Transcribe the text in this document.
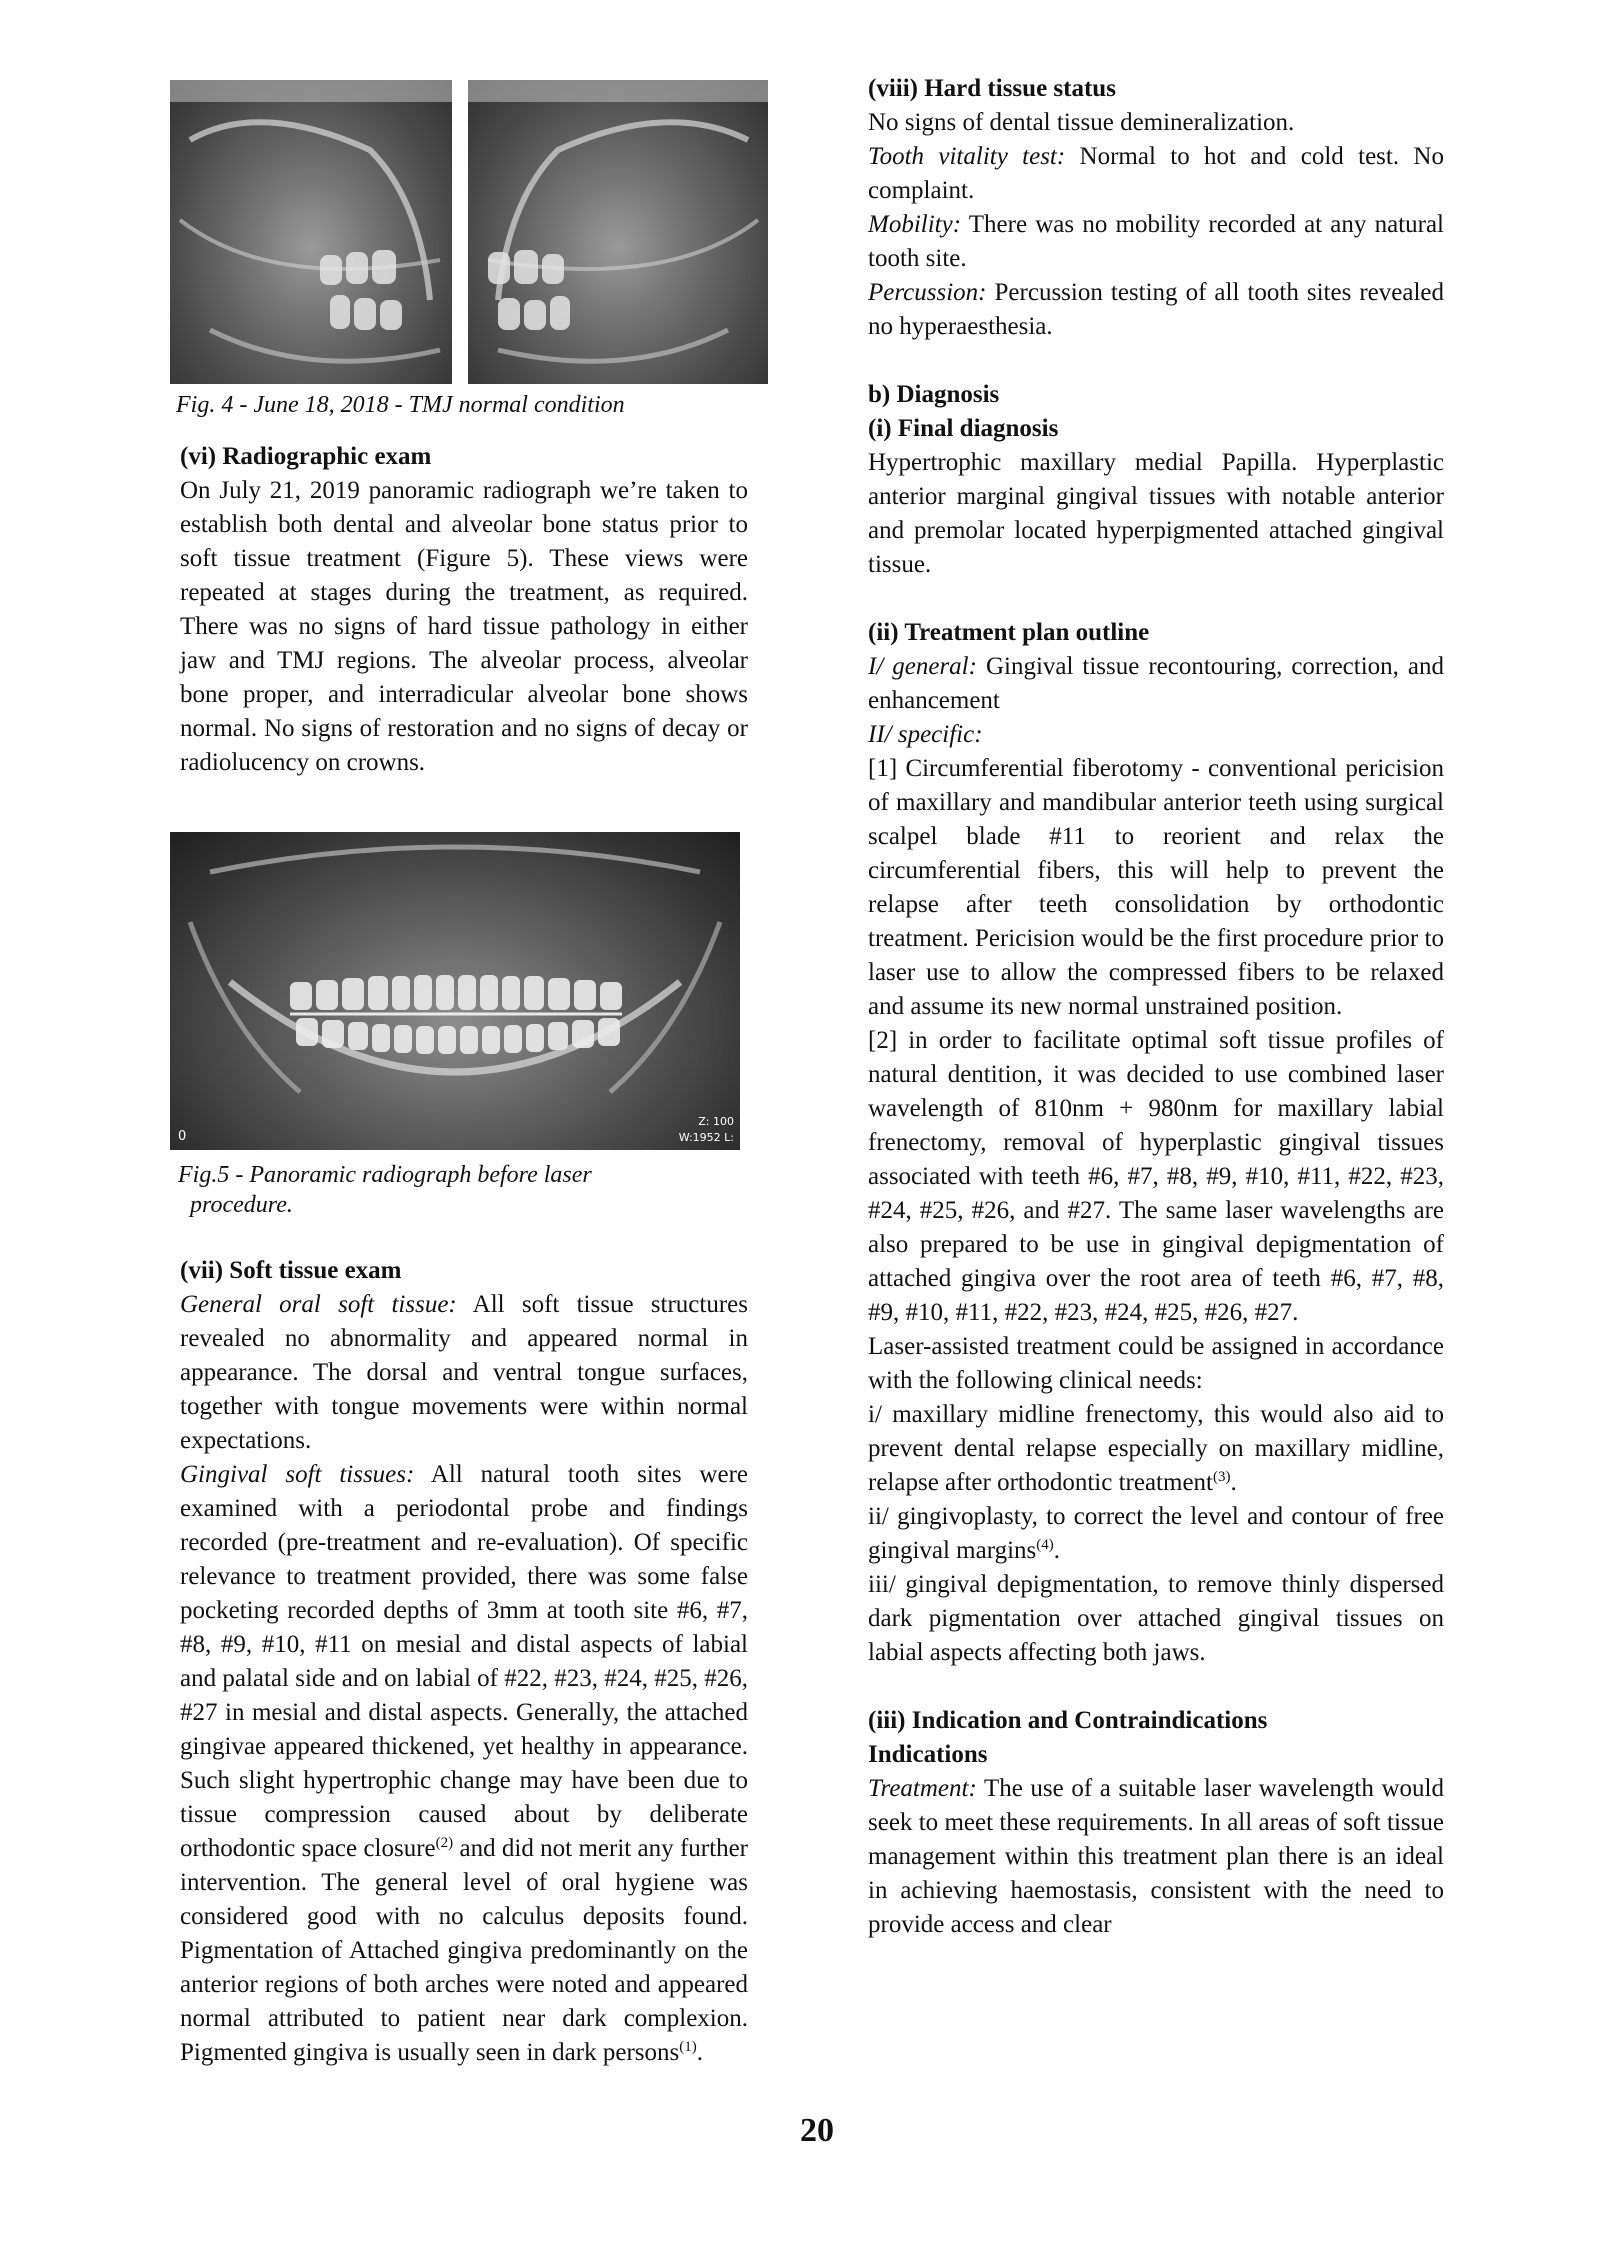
Fig. 4 - June 18, 2018 - TMJ normal condition
(vi) Radiographic exam

On July 21, 2019 panoramic radiograph we’re taken to establish both dental and alveolar bone status prior to soft tissue treatment (Figure 5). These views were repeated at stages during the treatment, as required. There was no signs of hard tissue pathology in either jaw and TMJ regions. The alveolar process, alveolar bone proper, and interradicular alveolar bone shows normal. No signs of restoration and no signs of decay or radiolucency on crowns.

0
Z: 100
W:1952 L:
Fig.5 - Panoramic radiograph before laser
procedure.
(vii) Soft tissue exam

General oral soft tissue: All soft tissue structures revealed no abnormality and appeared normal in appearance. The dorsal and ventral tongue surfaces, together with tongue movements were within normal expectations.

Gingival soft tissues: All natural tooth sites were examined with a periodontal probe and findings recorded (pre-treatment and re-evaluation). Of specific relevance to treatment provided, there was some false pocketing recorded depths of 3mm at tooth site #6, #7, #8, #9, #10, #11 on mesial and distal aspects of labial and palatal side and on labial of #22, #23, #24, #25, #26, #27 in mesial and distal aspects. Generally, the attached gingivae appeared thickened, yet healthy in appearance. Such slight hypertrophic change may have been due to tissue compression caused about by deliberate orthodontic space closure$^{(2)}$ and did not merit any further intervention. The general level of oral hygiene was considered good with no calculus deposits found. Pigmentation of Attached gingiva predominantly on the anterior regions of both arches were noted and appeared normal attributed to patient near dark complexion. Pigmented gingiva is usually seen in dark persons$^{(1)}$.

(viii) Hard tissue status

No signs of dental tissue demineralization.

Tooth vitality test: Normal to hot and cold test. No complaint.

Mobility: There was no mobility recorded at any natural tooth site.

Percussion: Percussion testing of all tooth sites revealed no hyperaesthesia.

b) Diagnosis
(i) Final diagnosis

Hypertrophic maxillary medial Papilla. Hyperplastic anterior marginal gingival tissues with notable anterior and premolar located hyperpigmented attached gingival tissue.

(ii) Treatment plan outline

I/ general: Gingival tissue recontouring, correction, and enhancement

II/ specific:

[1] Circumferential fiberotomy - conventional pericision of maxillary and mandibular anterior teeth using surgical scalpel blade #11 to reorient and relax the circumferential fibers, this will help to prevent the relapse after teeth consolidation by orthodontic treatment. Pericision would be the first procedure prior to laser use to allow the compressed fibers to be relaxed and assume its new normal unstrained position.

[2] in order to facilitate optimal soft tissue profiles of natural dentition, it was decided to use combined laser wavelength of 810nm + 980nm for maxillary labial frenectomy, removal of hyperplastic gingival tissues associated with teeth #6, #7, #8, #9, #10, #11, #22, #23, #24, #25, #26, and #27. The same laser wavelengths are also prepared to be use in gingival depigmentation of attached gingiva over the root area of teeth #6, #7, #8, #9, #10, #11, #22, #23, #24, #25, #26, #27.

Laser-assisted treatment could be assigned in accordance with the following clinical needs:

i/ maxillary midline frenectomy, this would also aid to prevent dental relapse especially on maxillary midline, relapse after orthodontic treatment$^{(3)}$.

ii/ gingivoplasty, to correct the level and contour of free gingival margins$^{(4)}$.

iii/ gingival depigmentation, to remove thinly dispersed dark pigmentation over attached gingival tissues on labial aspects affecting both jaws.

(iii) Indication and Contraindications
Indications

Treatment: The use of a suitable laser wavelength would seek to meet these requirements. In all areas of soft tissue management within this treatment plan there is an ideal in achieving haemostasis, consistent with the need to provide access and clear

20
